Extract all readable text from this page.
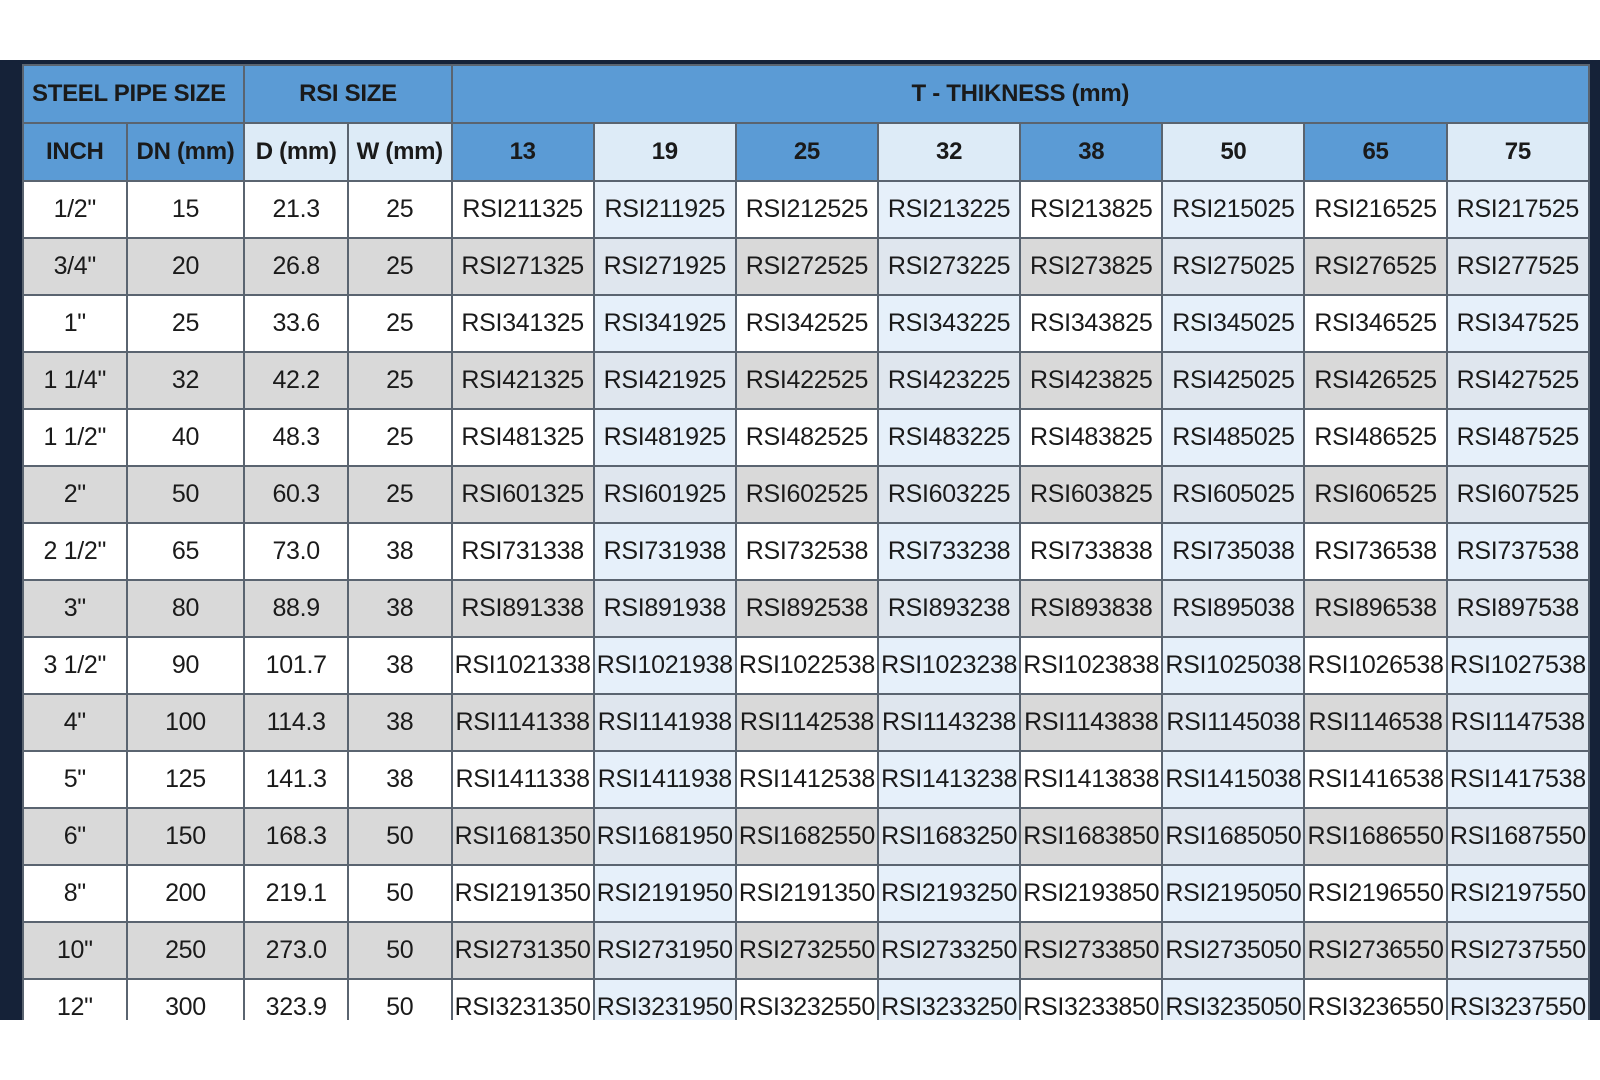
STEEL PIPE SIZE		RSI SIZE		T - THIKNESS (mm)							
INCH	DN (mm)	D (mm)	W (mm)	13	19	25	32	38	50	65	75
1/2"	15	21.3	25	RSI211325	RSI211925	RSI212525	RSI213225	RSI213825	RSI215025	RSI216525	RSI217525
3/4"	20	26.8	25	RSI271325	RSI271925	RSI272525	RSI273225	RSI273825	RSI275025	RSI276525	RSI277525
1"	25	33.6	25	RSI341325	RSI341925	RSI342525	RSI343225	RSI343825	RSI345025	RSI346525	RSI347525
1 1/4"	32	42.2	25	RSI421325	RSI421925	RSI422525	RSI423225	RSI423825	RSI425025	RSI426525	RSI427525
1 1/2"	40	48.3	25	RSI481325	RSI481925	RSI482525	RSI483225	RSI483825	RSI485025	RSI486525	RSI487525
2"	50	60.3	25	RSI601325	RSI601925	RSI602525	RSI603225	RSI603825	RSI605025	RSI606525	RSI607525
2 1/2"	65	73.0	38	RSI731338	RSI731938	RSI732538	RSI733238	RSI733838	RSI735038	RSI736538	RSI737538
3"	80	88.9	38	RSI891338	RSI891938	RSI892538	RSI893238	RSI893838	RSI895038	RSI896538	RSI897538
3 1/2"	90	101.7	38	RSI1021338	RSI1021938	RSI1022538	RSI1023238	RSI1023838	RSI1025038	RSI1026538	RSI1027538
4"	100	114.3	38	RSI1141338	RSI1141938	RSI1142538	RSI1143238	RSI1143838	RSI1145038	RSI1146538	RSI1147538
5"	125	141.3	38	RSI1411338	RSI1411938	RSI1412538	RSI1413238	RSI1413838	RSI1415038	RSI1416538	RSI1417538
6"	150	168.3	50	RSI1681350	RSI1681950	RSI1682550	RSI1683250	RSI1683850	RSI1685050	RSI1686550	RSI1687550
8"	200	219.1	50	RSI2191350	RSI2191950	RSI2191350	RSI2193250	RSI2193850	RSI2195050	RSI2196550	RSI2197550
10"	250	273.0	50	RSI2731350	RSI2731950	RSI2732550	RSI2733250	RSI2733850	RSI2735050	RSI2736550	RSI2737550
12"	300	323.9	50	RSI3231350	RSI3231950	RSI3232550	RSI3233250	RSI3233850	RSI3235050	RSI3236550	RSI3237550
